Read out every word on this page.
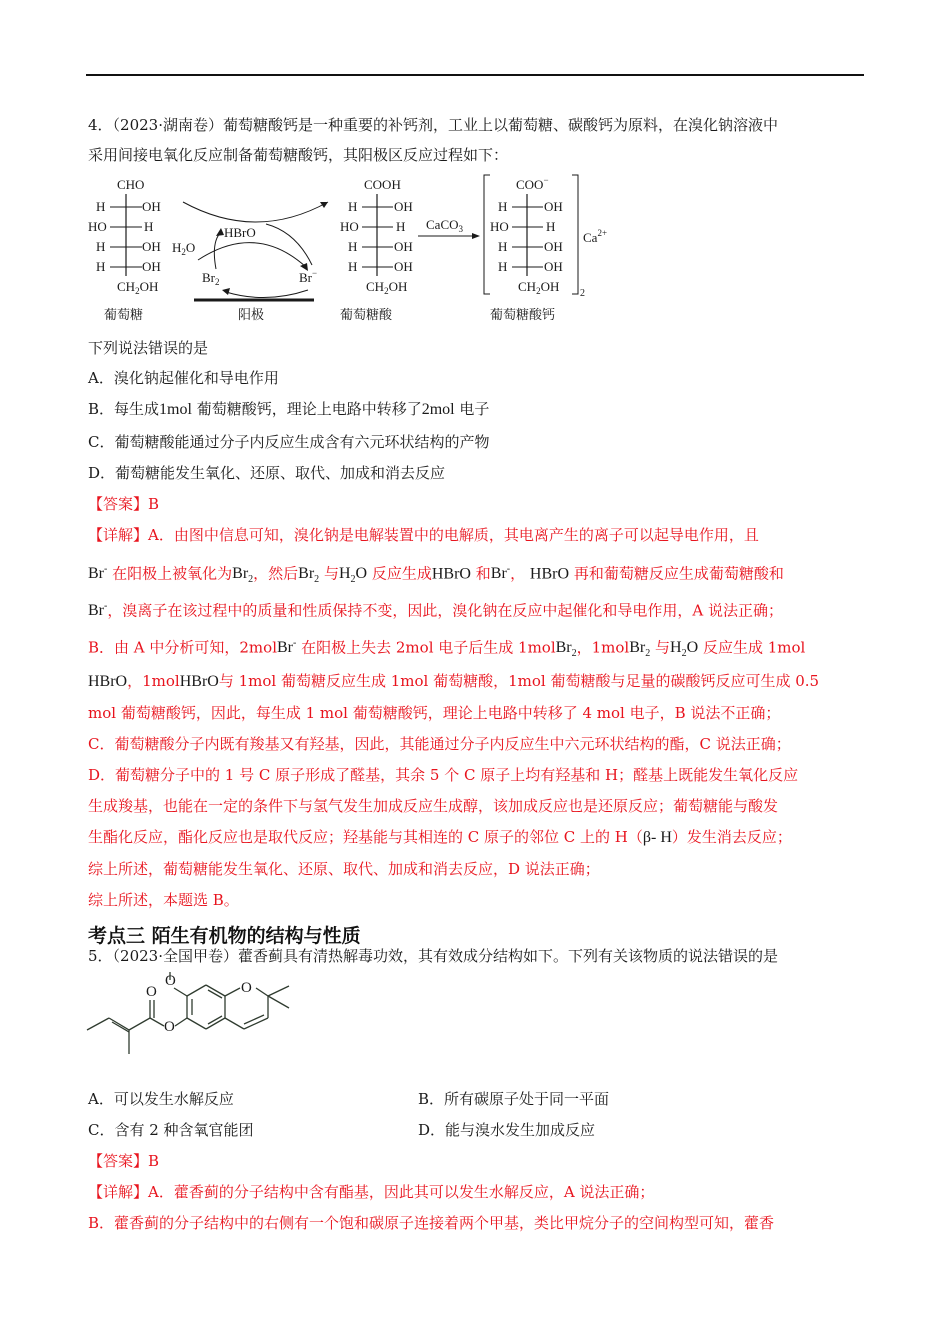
4．（2023·湖南卷）葡萄糖酸钙是一种重要的补钙剂，工业上以葡萄糖、碳酸钙为原料，在溴化钠溶液中
采用间接电氧化反应制备葡萄糖酸钙，其阳极区反应过程如下：
CHO
H	OH
HO	H
H	OH
H	OH
$CH_2OH$
葡萄糖
HBrO
$H_2O$
$Br_2$	Br−
阳极
COOH
H	OH
HO	H
H	OH
H	OH
$CH_2OH$
葡萄糖酸
CaCO$_3$
COO−
H	OH
HO	H
H	OH
H	OH
$CH_2OH$ 2
$Ca^{2+}$
葡萄糖酸钙
下列说法错误的是
A．溴化钠起催化和导电作用
B．每生成1mol 葡萄糖酸钙，理论上电路中转移了2mol 电子
C．葡萄糖酸能通过分子内反应生成含有六元环状结构的产物
D．葡萄糖能发生氧化、还原、取代、加成和消去反应
【答案】B
【详解】A．由图中信息可知，溴化钠是电解装置中的电解质，其电离产生的离子可以起导电作用，且
Br- 在阳极上被氧化为$Br_2$，然后$Br_2$ 与$H_2O$ 反应生成HBrO 和Br-， HBrO 再和葡萄糖反应生成葡萄糖酸和
Br-，溴离子在该过程中的质量和性质保持不变，因此，溴化钠在反应中起催化和导电作用，A 说法正确；
B．由 A 中分析可知，2molBr- 在阳极上失去 2mol 电子后生成 1molBr$_2$，1molBr$_2$ 与$H_2O$ 反应生成 1mol
HBrO，1molHBrO与 1mol 葡萄糖反应生成 1mol 葡萄糖酸，1mol 葡萄糖酸与足量的碳酸钙反应可生成 0.5
mol 葡萄糖酸钙，因此，每生成 1 mol 葡萄糖酸钙，理论上电路中转移了 4 mol 电子，B 说法不正确；
C．葡萄糖酸分子内既有羧基又有羟基，因此，其能通过分子内反应生中六元环状结构的酯，C 说法正确；
D．葡萄糖分子中的 1 号 C 原子形成了醛基，其余 5 个 C 原子上均有羟基和 H；醛基上既能发生氧化反应
生成羧基，也能在一定的条件下与氢气发生加成反应生成醇，该加成反应也是还原反应；葡萄糖能与酸发
生酯化反应，酯化反应也是取代反应；羟基能与其相连的 C 原子的邻位 C 上的 H（β- H）发生消去反应；
综上所述，葡萄糖能发生氧化、还原、取代、加成和消去反应，D 说法正确；
综上所述，本题选 B。
考点三 陌生有机物的结构与性质
5．（2023·全国甲卷）藿香蓟具有清热解毒功效，其有效成分结构如下。下列有关该物质的说法错误的是
O
O
O	O
A．可以发生水解反应	B．所有碳原子处于同一平面
C．含有 2 种含氧官能团	D．能与溴水发生加成反应
【答案】B
【详解】A．藿香蓟的分子结构中含有酯基，因此其可以发生水解反应，A 说法正确；
B．藿香蓟的分子结构中的右侧有一个饱和碳原子连接着两个甲基，类比甲烷分子的空间构型可知，藿香
